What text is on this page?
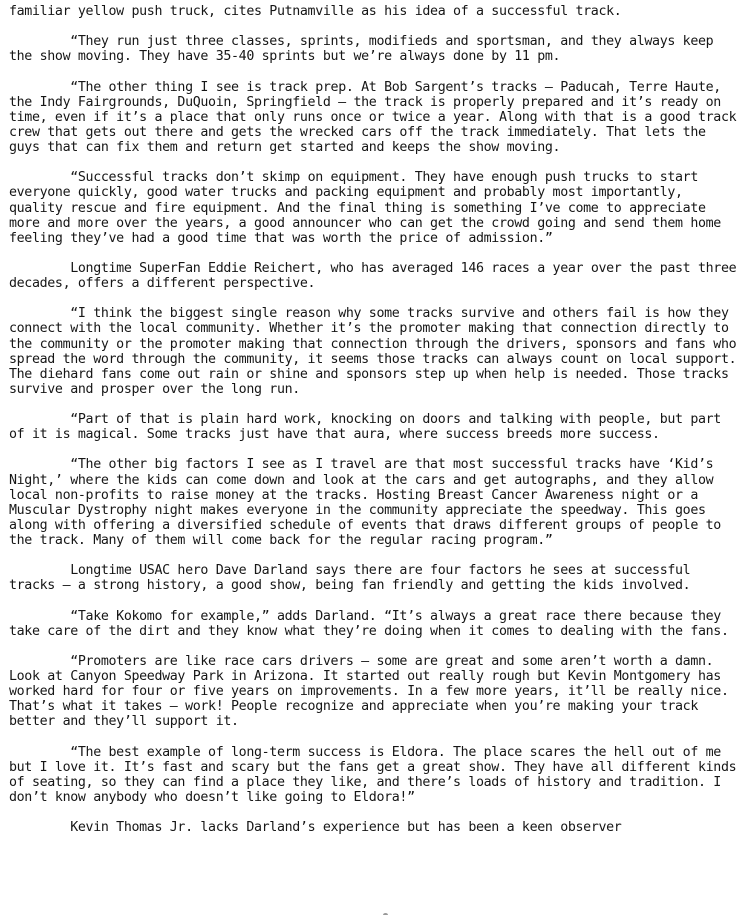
familiar yellow push truck, cites Putnamville as his idea of a successful track.

“They run just three classes, sprints, modifieds and sportsman, and they always keep the show moving. They have 35-40 sprints but we’re always done by 11 pm.

“The other thing I see is track prep. At Bob Sargent’s tracks – Paducah, Terre Haute, the Indy Fairgrounds, DuQuoin, Springfield – the track is properly prepared and it’s ready on time, even if it’s a place that only runs once or twice a year. Along with that is a good track crew that gets out there and gets the wrecked cars off the track immediately. That lets the guys that can fix them and return get started and keeps the show moving.

“Successful tracks don’t skimp on equipment. They have enough push trucks to start everyone quickly, good water trucks and packing equipment and probably most importantly, quality rescue and fire equipment. And the final thing is something I’ve come to appreciate more and more over the years, a good announcer who can get the crowd going and send them home feeling they’ve had a good time that was worth the price of admission.”

Longtime SuperFan Eddie Reichert, who has averaged 146 races a year over the past three decades, offers a different perspective.

“I think the biggest single reason why some tracks survive and others fail is how they connect with the local community. Whether it’s the promoter making that connection directly to the community or the promoter making that connection through the drivers, sponsors and fans who spread the word through the community, it seems those tracks can always count on local support. The diehard fans come out rain or shine and sponsors step up when help is needed. Those tracks survive and prosper over the long run.

“Part of that is plain hard work, knocking on doors and talking with people, but part of it is magical. Some tracks just have that aura, where success breeds more success.

“The other big factors I see as I travel are that most successful tracks have ‘Kid’s Night,’ where the kids can come down and look at the cars and get autographs, and they allow local non-profits to raise money at the tracks. Hosting Breast Cancer Awareness night or a Muscular Dystrophy night makes everyone in the community appreciate the speedway. This goes along with offering a diversified schedule of events that draws different groups of people to the track. Many of them will come back for the regular racing program.”

Longtime USAC hero Dave Darland says there are four factors he sees at successful tracks – a strong history, a good show, being fan friendly and getting the kids involved.

“Take Kokomo for example,” adds Darland. “It’s always a great race there because they take care of the dirt and they know what they’re doing when it comes to dealing with the fans.

“Promoters are like race cars drivers – some are great and some aren’t worth a damn. Look at Canyon Speedway Park in Arizona. It started out really rough but Kevin Montgomery has worked hard for four or five years on improvements. In a few more years, it’ll be really nice. That’s what it takes – work! People recognize and appreciate when you’re making your track better and they’ll support it.

“The best example of long-term success is Eldora. The place scares the hell out of me but I love it. It’s fast and scary but the fans get a great show. They have all different kinds of seating, so they can find a place they like, and there’s loads of history and tradition. I don’t know anybody who doesn’t like going to Eldora!”

Kevin Thomas Jr. lacks Darland’s experience but has been a keen observer
